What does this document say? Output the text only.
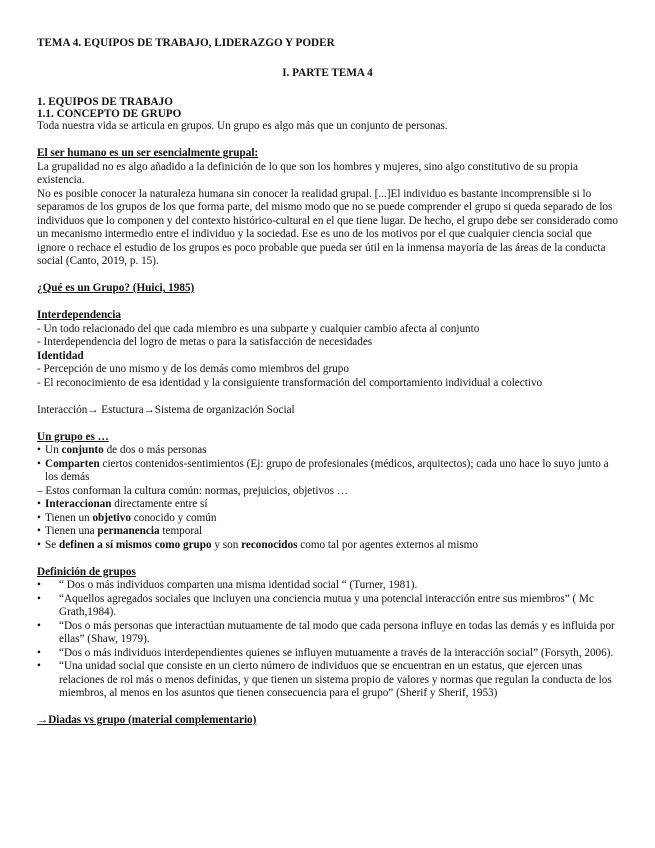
TEMA 4. EQUIPOS DE TRABAJO, LIDERAZGO Y PODER

I. PARTE TEMA 4

1. EQUIPOS DE TRABAJO

1.1. CONCEPTO DE GRUPO

Toda nuestra vida se articula en grupos. Un grupo es algo más que un conjunto de personas.

El ser humano es un ser esencialmente grupal:

La grupalidad no es algo añadido a la definición de lo que son los hombres y mujeres, sino algo constitutivo de su propia existencia.

No es posible conocer la naturaleza humana sin conocer la realidad grupal. [...]El individuo es bastante incomprensible si lo separamos de los grupos de los que forma parte, del mismo modo que no se puede comprender el grupo si queda separado de los individuos que lo componen y del contexto histórico-cultural en el que tiene lugar. De hecho, el grupo debe ser considerado como un mecanismo intermedio entre el individuo y la sociedad. Ese es uno de los motivos por el que cualquier ciencia social que ignore o rechace el estudio de los grupos es poco probable que pueda ser útil en la inmensa mayoría de las áreas de la conducta social (Canto, 2019, p. 15).

¿Qué es un Grupo? (Huici, 1985)

Interdependencia

- Un todo relacionado del que cada miembro es una subparte y cualquier cambio afecta al conjunto

- Interdependencia del logro de metas o para la satisfacción de necesidades

Identidad

- Percepción de uno mismo y de los demás como miembros del grupo

- El reconocimiento de esa identidad y la consiguiente transformación del comportamiento individual a colectivo

Interacción→ Estuctura→Sistema de organización Social

Un grupo es …

• Un conjunto de dos o más personas
• Comparten ciertos contenidos-sentimientos (Ej: grupo de profesionales (médicos, arquitectos); cada uno hace lo suyo junto a los demás

– Estos conforman la cultura común: normas, prejuicios, objetivos …

• Interaccionan directamente entre sí
• Tienen un objetivo conocido y común
• Tienen una permanencia temporal
• Se definen a sí mismos como grupo y son reconocidos como tal por agentes externos al mismo

Definición de grupos

•	“ Dos o más individuos comparten una misma identidad social “ (Turner, 1981).
•	“Aquellos agregados sociales que incluyen una conciencia mutua y una potencial interacción entre sus miembros” ( Mc Grath,1984).
•	“Dos o más personas que interactúan mutuamente de tal modo que cada persona influye en todas las demás y es influida por ellas” (Shaw, 1979).
•	“Dos o más individuos interdependientes quienes se influyen mutuamente a través de la interacción social” (Forsyth, 2006).
•	“Una unidad social que consiste en un cierto número de individuos que se encuentran en un estatus, que ejercen unas relaciones de rol más o menos definidas, y que tienen un sistema propio de valores y normas que regulan la conducta de los miembros, al menos en los asuntos que tienen consecuencia para el grupo” (Sherif y Sherif, 1953)

→Diadas vs grupo (material complementario)
